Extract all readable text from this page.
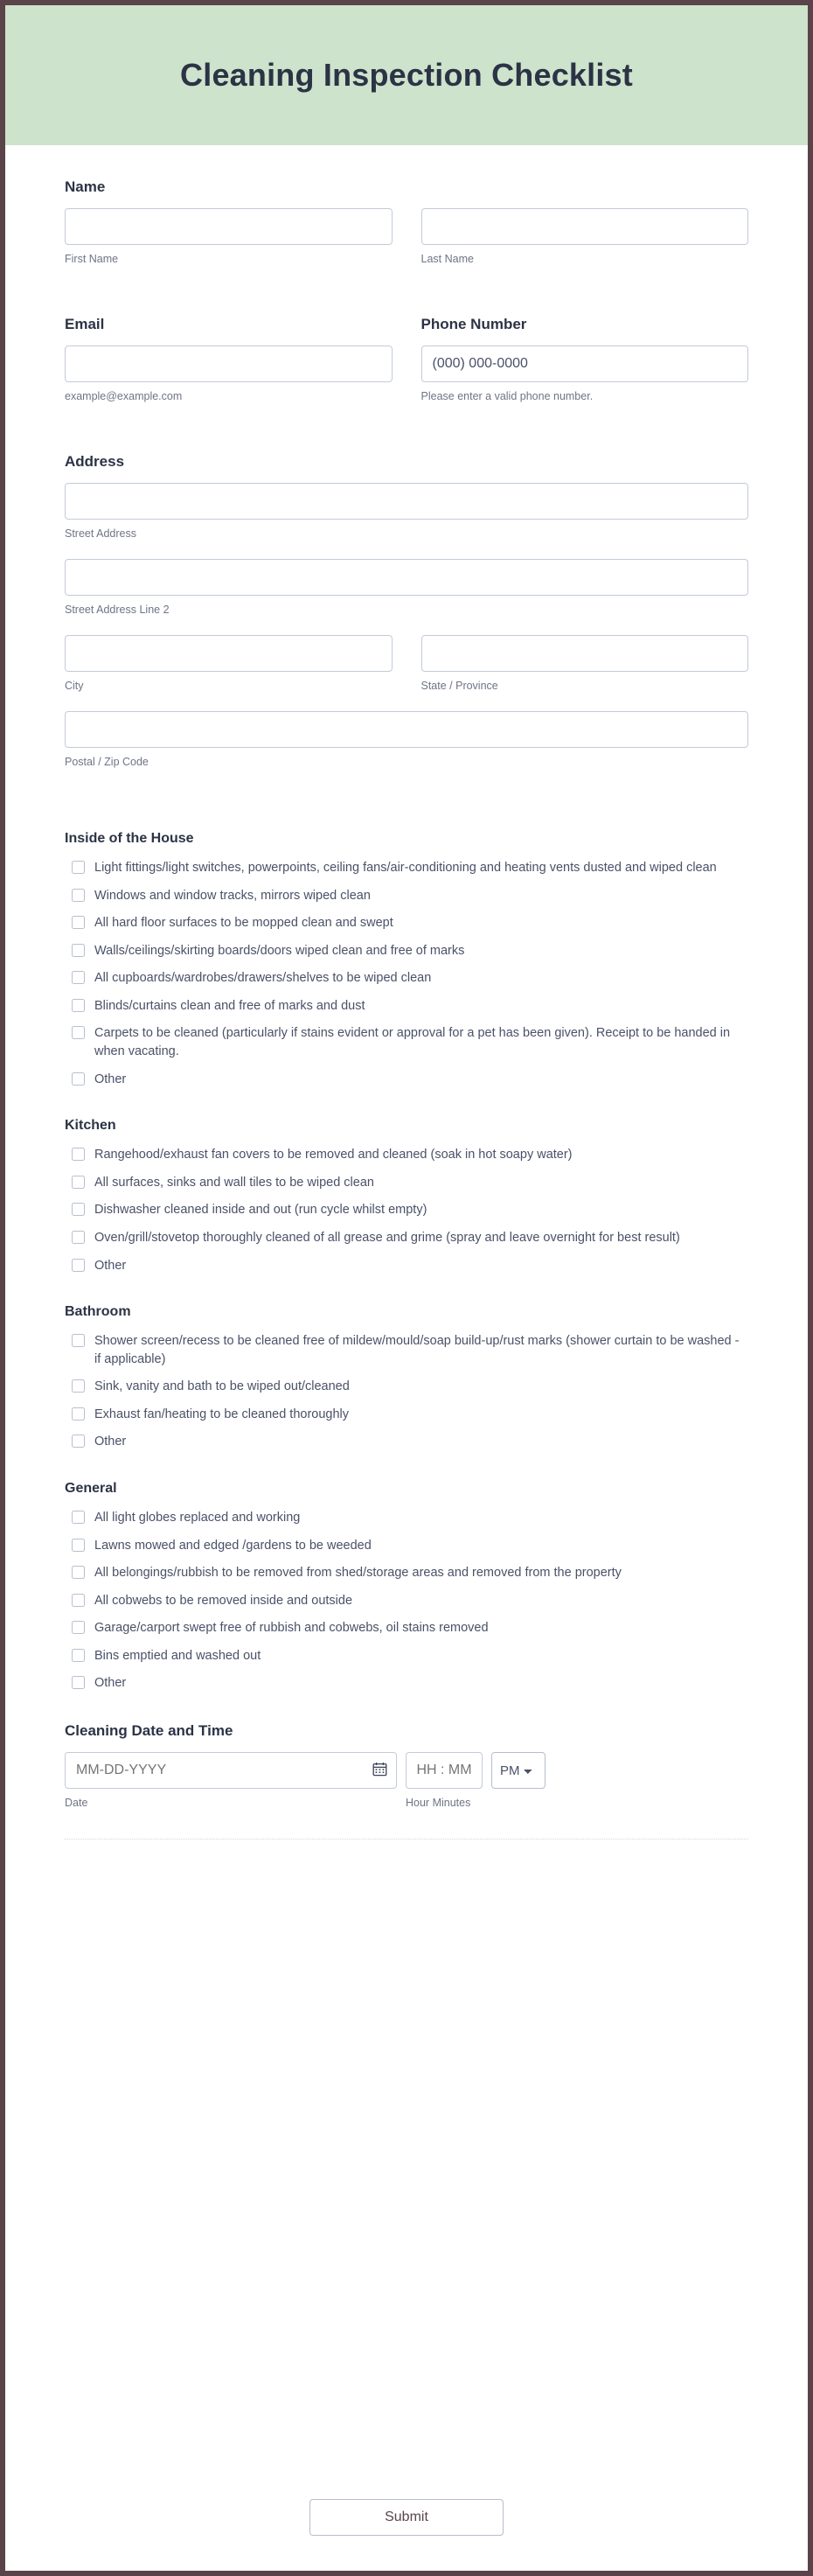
Cleaning Inspection Checklist
Name
First Name	Last Name
Email
example@example.com
Phone Number
(000) 000-0000
Please enter a valid phone number.
Address
Street Address
Street Address Line 2
City	State / Province
Postal / Zip Code
Inside of the House
Light fittings/light switches, powerpoints, ceiling fans/air-conditioning and heating vents dusted and wiped clean
Windows and window tracks, mirrors wiped clean
All hard floor surfaces to be mopped clean and swept
Walls/ceilings/skirting boards/doors wiped clean and free of marks
All cupboards/wardrobes/drawers/shelves to be wiped clean
Blinds/curtains clean and free of marks and dust
Carpets to be cleaned (particularly if stains evident or approval for a pet has been given). Receipt to be handed in when vacating.
Other
Kitchen
Rangehood/exhaust fan covers to be removed and cleaned (soak in hot soapy water)
All surfaces, sinks and wall tiles to be wiped clean
Dishwasher cleaned inside and out (run cycle whilst empty)
Oven/grill/stovetop thoroughly cleaned of all grease and grime (spray and leave overnight for best result)
Other
Bathroom
Shower screen/recess to be cleaned free of mildew/mould/soap build-up/rust marks (shower curtain to be washed - if applicable)
Sink, vanity and bath to be wiped out/cleaned
Exhaust fan/heating to be cleaned thoroughly
Other
General
All light globes replaced and working
Lawns mowed and edged /gardens to be weeded
All belongings/rubbish to be removed from shed/storage areas and removed from the property
All cobwebs to be removed inside and outside
Garage/carport swept free of rubbish and cobwebs, oil stains removed
Bins emptied and washed out
Other
Cleaning Date and Time
MM-DD-YYYY
HH : MM
PM
Date	Hour Minutes
Submit
